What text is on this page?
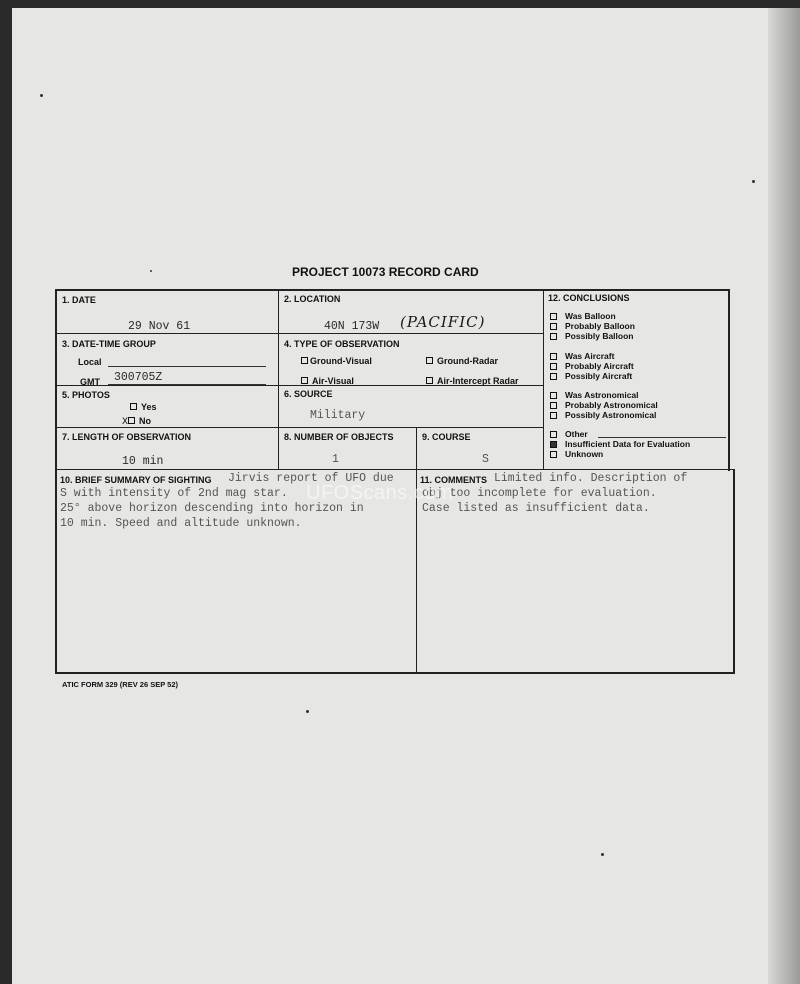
PROJECT 10073 RECORD CARD
1. DATE
29 Nov 61
2. LOCATION
40N 173W (PACIFIC)
3. DATE-TIME GROUP
Local
GMT 300705Z
4. TYPE OF OBSERVATION
Ground-Visual	Ground-Radar
Air-Visual	Air-Intercept Radar
5. PHOTOS
Yes
X No
6. SOURCE
Military
7. LENGTH OF OBSERVATION
10 min
8. NUMBER OF OBJECTS
1
9. COURSE
S
12. CONCLUSIONS
Was Balloon
Probably Balloon
Possibly Balloon
Was Aircraft
Probably Aircraft
Possibly Aircraft
Was Astronomical
Probably Astronomical
Possibly Astronomical
Other
Insufficient Data for Evaluation
Unknown
10. BRIEF SUMMARY OF SIGHTING Jirvis report of UFO due
S with intensity of 2nd mag star.
25° above horizon descending into horizon in
10 min. Speed and altitude unknown.
11. COMMENTS Limited info. Description of
obj too incomplete for evaluation.
Case listed as insufficient data.
UFOScans.com
ATIC FORM 329 (REV 26 SEP 52)
